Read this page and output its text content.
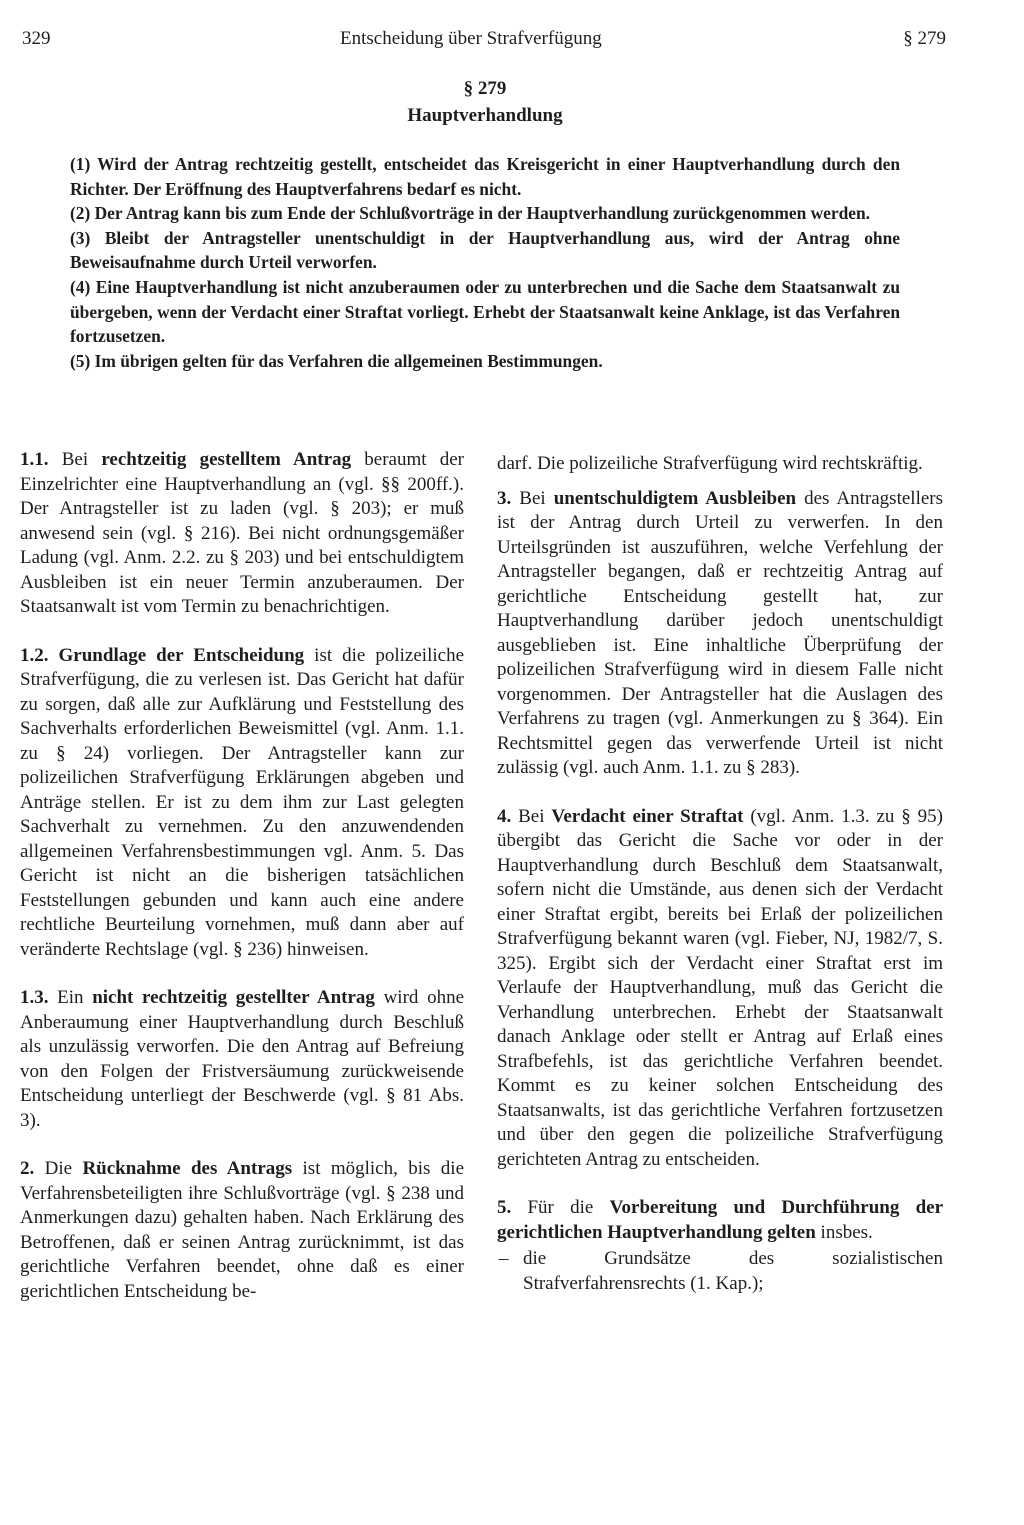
329	Entscheidung über Strafverfügung	§ 279
§ 279
Hauptverhandlung

(1) Wird der Antrag rechtzeitig gestellt, entscheidet das Kreisgericht in einer Hauptverhandlung durch den Richter. Der Eröffnung des Hauptverfahrens bedarf es nicht.

(2) Der Antrag kann bis zum Ende der Schlußvorträge in der Hauptverhandlung zurückgenommen werden.

(3) Bleibt der Antragsteller unentschuldigt in der Hauptverhandlung aus, wird der Antrag ohne Beweisaufnahme durch Urteil verworfen.

(4) Eine Hauptverhandlung ist nicht anzuberaumen oder zu unterbrechen und die Sache dem Staatsanwalt zu übergeben, wenn der Verdacht einer Straftat vorliegt. Erhebt der Staatsanwalt keine Anklage, ist das Verfahren fortzusetzen.

(5) Im übrigen gelten für das Verfahren die allgemeinen Bestimmungen.

1.1. Bei rechtzeitig gestelltem Antrag beraumt der Einzelrichter eine Hauptverhandlung an (vgl. §§ 200ff.). Der Antragsteller ist zu laden (vgl. § 203); er muß anwesend sein (vgl. § 216). Bei nicht ordnungsgemäßer Ladung (vgl. Anm. 2.2. zu § 203) und bei entschuldigtem Ausbleiben ist ein neuer Termin anzuberaumen. Der Staatsanwalt ist vom Termin zu benachrichtigen.

1.2. Grundlage der Entscheidung ist die polizeiliche Strafverfügung, die zu verlesen ist. Das Gericht hat dafür zu sorgen, daß alle zur Aufklärung und Feststellung des Sachverhalts erforderlichen Beweismittel (vgl. Anm. 1.1. zu § 24) vorliegen. Der Antragsteller kann zur polizeilichen Strafverfügung Erklärungen abgeben und Anträge stellen. Er ist zu dem ihm zur Last gelegten Sachverhalt zu vernehmen. Zu den anzuwendenden allgemeinen Verfahrensbestimmungen vgl. Anm. 5. Das Gericht ist nicht an die bisherigen tatsächlichen Feststellungen gebunden und kann auch eine andere rechtliche Beurteilung vornehmen, muß dann aber auf veränderte Rechtslage (vgl. § 236) hinweisen.

1.3. Ein nicht rechtzeitig gestellter Antrag wird ohne Anberaumung einer Hauptverhandlung durch Beschluß als unzulässig verworfen. Die den Antrag auf Befreiung von den Folgen der Fristversäumung zurückweisende Entscheidung unterliegt der Beschwerde (vgl. § 81 Abs. 3).

2. Die Rücknahme des Antrags ist möglich, bis die Verfahrensbeteiligten ihre Schlußvorträge (vgl. § 238 und Anmerkungen dazu) gehalten haben. Nach Erklärung des Betroffenen, daß er seinen Antrag zurücknimmt, ist das gerichtliche Verfahren beendet, ohne daß es einer gerichtlichen Entscheidung be-

darf. Die polizeiliche Strafverfügung wird rechtskräftig.

3. Bei unentschuldigtem Ausbleiben des Antragstellers ist der Antrag durch Urteil zu verwerfen. In den Urteilsgründen ist auszuführen, welche Verfehlung der Antragsteller begangen, daß er rechtzeitig Antrag auf gerichtliche Entscheidung gestellt hat, zur Hauptverhandlung darüber jedoch unentschuldigt ausgeblieben ist. Eine inhaltliche Überprüfung der polizeilichen Strafverfügung wird in diesem Falle nicht vorgenommen. Der Antragsteller hat die Auslagen des Verfahrens zu tragen (vgl. Anmerkungen zu § 364). Ein Rechtsmittel gegen das verwerfende Urteil ist nicht zulässig (vgl. auch Anm. 1.1. zu § 283).

4. Bei Verdacht einer Straftat (vgl. Anm. 1.3. zu § 95) übergibt das Gericht die Sache vor oder in der Hauptverhandlung durch Beschluß dem Staatsanwalt, sofern nicht die Umstände, aus denen sich der Verdacht einer Straftat ergibt, bereits bei Erlaß der polizeilichen Strafverfügung bekannt waren (vgl. Fieber, NJ, 1982/7, S. 325). Ergibt sich der Verdacht einer Straftat erst im Verlaufe der Hauptverhandlung, muß das Gericht die Verhandlung unterbrechen. Erhebt der Staatsanwalt danach Anklage oder stellt er Antrag auf Erlaß eines Strafbefehls, ist das gerichtliche Verfahren beendet. Kommt es zu keiner solchen Entscheidung des Staatsanwalts, ist das gerichtliche Verfahren fortzusetzen und über den gegen die polizeiliche Strafverfügung gerichteten Antrag zu entscheiden.

5. Für die Vorbereitung und Durchführung der gerichtlichen Hauptverhandlung gelten insbes.

– die Grundsätze des sozialistischen Strafverfahrensrechts (1. Kap.);
